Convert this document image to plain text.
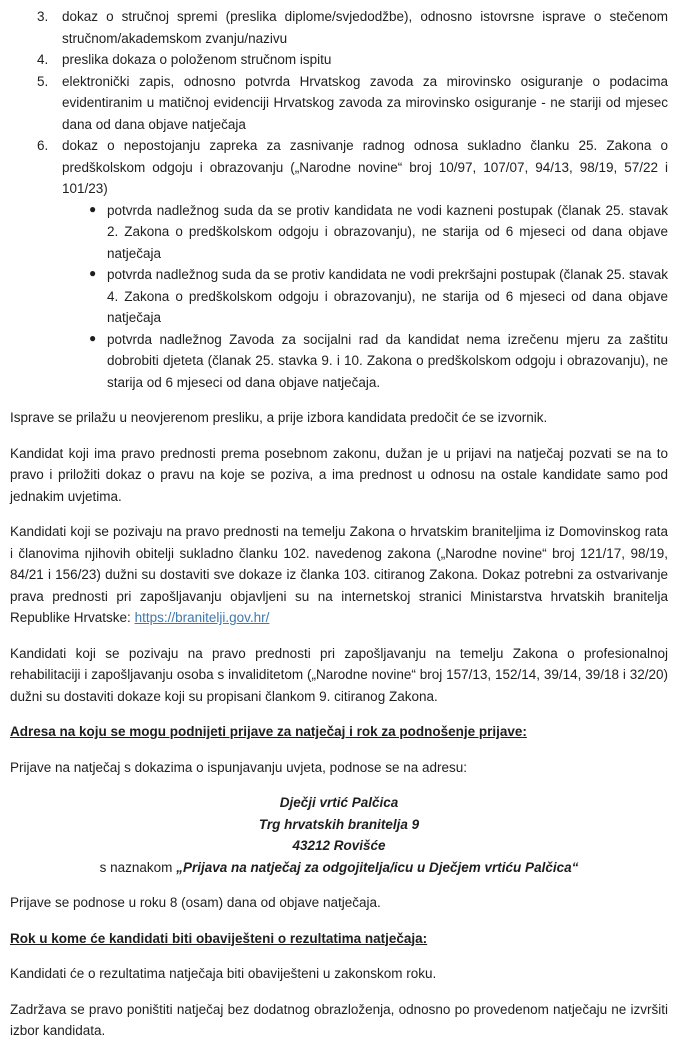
3. dokaz o stručnoj spremi (preslika diplome/svjedodžbe), odnosno istovrsne isprave o stečenom stručnom/akademskom zvanju/nazivu
4. preslika dokaza o položenom stručnom ispitu
5. elektronički zapis, odnosno potvrda Hrvatskog zavoda za mirovinsko osiguranje o podacima evidentiranim u matičnoj evidenciji Hrvatskog zavoda za mirovinsko osiguranje - ne stariji od mjesec dana od dana objave natječaja
6. dokaz o nepostojanju zapreka za zasnivanje radnog odnosa sukladno članku 25. Zakona o predškolskom odgoju i obrazovanju („Narodne novine“ broj 10/97, 107/07, 94/13, 98/19, 57/22 i 101/23)
● potvrda nadležnog suda da se protiv kandidata ne vodi kazneni postupak (članak 25. stavak 2. Zakona o predškolskom odgoju i obrazovanju), ne starija od 6 mjeseci od dana objave natječaja
● potvrda nadležnog suda da se protiv kandidata ne vodi prekršajni postupak (članak 25. stavak 4. Zakona o predškolskom odgoju i obrazovanju), ne starija od 6 mjeseci od dana objave natječaja
● potvrda nadležnog Zavoda za socijalni rad da kandidat nema izrečenu mjeru za zaštitu dobrobiti djeteta (članak 25. stavka 9. i 10. Zakona o predškolskom odgoju i obrazovanju), ne starija od 6 mjeseci od dana objave natječaja.

Isprave se prilažu u neovjerenom presliku, a prije izbora kandidata predočit će se izvornik.

Kandidat koji ima pravo prednosti prema posebnom zakonu, dužan je u prijavi na natječaj pozvati se na to pravo i priložiti dokaz o pravu na koje se poziva, a ima prednost u odnosu na ostale kandidate samo pod jednakim uvjetima.

Kandidati koji se pozivaju na pravo prednosti na temelju Zakona o hrvatskim braniteljima iz Domovinskog rata i članovima njihovih obitelji sukladno članku 102. navedenog zakona („Narodne novine“ broj 121/17, 98/19, 84/21 i 156/23) dužni su dostaviti sve dokaze iz članka 103. citiranog Zakona. Dokaz potrebni za ostvarivanje prava prednosti pri zapošljavanju objavljeni su na internetskoj stranici Ministarstva hrvatskih branitelja Republike Hrvatske: https://branitelji.gov.hr/

Kandidati koji se pozivaju na pravo prednosti pri zapošljavanju na temelju Zakona o profesionalnoj rehabilitaciji i zapošljavanju osoba s invaliditetom („Narodne novine“ broj 157/13, 152/14, 39/14, 39/18 i 32/20) dužni su dostaviti dokaze koji su propisani člankom 9. citiranog Zakona.

Adresa na koju se mogu podnijeti prijave za natječaj i rok za podnošenje prijave:

Prijave na natječaj s dokazima o ispunjavanju uvjeta, podnose se na adresu:

Dječji vrtić Palčica
Trg hrvatskih branitelja 9
43212 Rovišće
s naznakom „Prijava na natječaj za odgojitelja/icu u Dječjem vrtiću Palčica“

Prijave se podnose u roku 8 (osam) dana od objave natječaja.

Rok u kome će kandidati biti obaviješteni o rezultatima natječaja:

Kandidati će o rezultatima natječaja biti obaviješteni u zakonskom roku.

Zadržava se pravo poništiti natječaj bez dodatnog obrazloženja, odnosno po provedenom natječaju ne izvršiti izbor kandidata.
